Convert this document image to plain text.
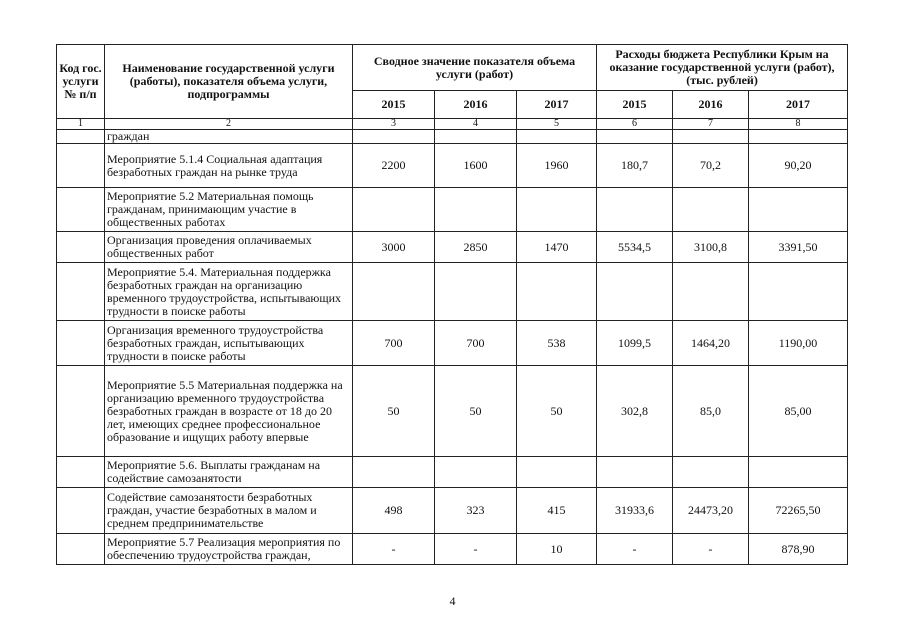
Код гос. услуги № п/п	Наименование государственной услуги (работы), показателя объема услуги, подпрограммы	Сводное значение показателя объема услуги (работ)			Расходы бюджета Республики Крым на оказание государственной услуги (работ), (тыс. рублей)		
		2015	2016	2017	2015	2016	2017
1	2	3	4	5	6	7	8
	граждан						
	Мероприятие 5.1.4 Социальная адаптация безработных граждан на рынке труда	2200	1600	1960	180,7	70,2	90,20
	Мероприятие 5.2 Материальная помощь гражданам, принимающим участие в общественных работах						
	Организация проведения оплачиваемых общественных работ	3000	2850	1470	5534,5	3100,8	3391,50
	Мероприятие 5.4. Материальная поддержка безработных граждан на организацию временного трудоустройства, испытывающих трудности в поиске работы						
	Организация временного трудоустройства безработных граждан, испытывающих трудности в поиске работы	700	700	538	1099,5	1464,20	1190,00
	Мероприятие 5.5 Материальная поддержка на организацию временного трудоустройства безработных граждан в возрасте от 18 до 20 лет, имеющих среднее профессиональное образование и ищущих работу впервые	50	50	50	302,8	85,0	85,00
	Мероприятие 5.6. Выплаты гражданам на содействие самозанятости						
	Содействие самозанятости безработных граждан, участие безработных в малом и среднем предпринимательстве	498	323	415	31933,6	24473,20	72265,50
	Мероприятие 5.7 Реализация мероприятия по обеспечению трудоустройства граждан,	-	-	10	-	-	878,90
4
